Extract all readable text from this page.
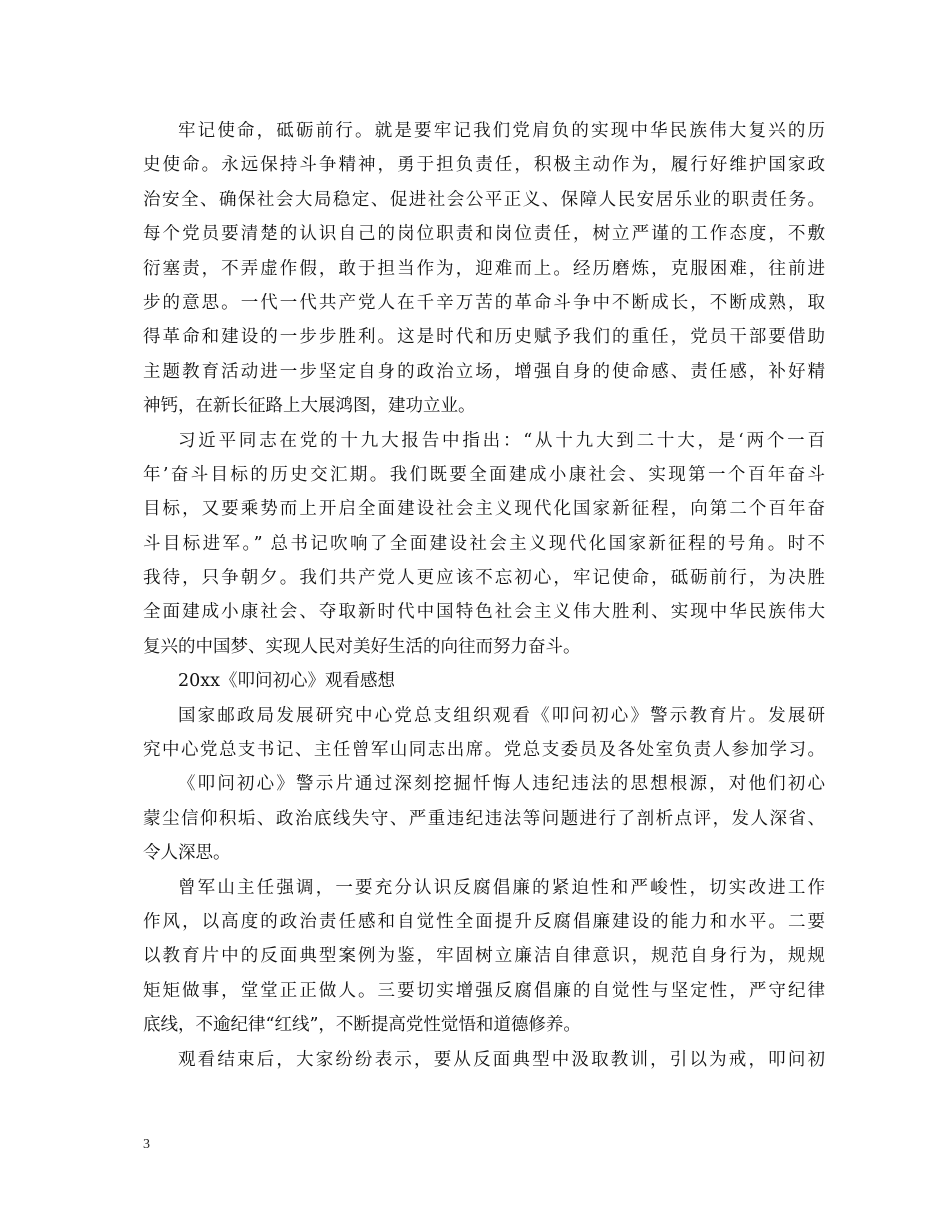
牢记使命，砥砺前行。就是要牢记我们党肩负的实现中华民族伟大复兴的历
史使命。永远保持斗争精神，勇于担负责任，积极主动作为，履行好维护国家政
治安全、确保社会大局稳定、促进社会公平正义、保障人民安居乐业的职责任务。
每个党员要清楚的认识自己的岗位职责和岗位责任，树立严谨的工作态度，不敷
衍塞责，不弄虚作假，敢于担当作为，迎难而上。经历磨炼，克服困难，往前进
步的意思。一代一代共产党人在千辛万苦的革命斗争中不断成长，不断成熟，取
得革命和建设的一步步胜利。这是时代和历史赋予我们的重任，党员干部要借助
主题教育活动进一步坚定自身的政治立场，增强自身的使命感、责任感，补好精
神钙，在新长征路上大展鸿图，建功立业。
习近平同志在党的十九大报告中指出：“从十九大到二十大，是‘两个一百
年’奋斗目标的历史交汇期。我们既要全面建成小康社会、实现第一个百年奋斗
目标，又要乘势而上开启全面建设社会主义现代化国家新征程，向第二个百年奋
斗目标进军。” 总书记吹响了全面建设社会主义现代化国家新征程的号角。时不
我待，只争朝夕。我们共产党人更应该不忘初心，牢记使命，砥砺前行，为决胜
全面建成小康社会、夺取新时代中国特色社会主义伟大胜利、实现中华民族伟大
复兴的中国梦、实现人民对美好生活的向往而努力奋斗。
20xx《叩问初心》观看感想
国家邮政局发展研究中心党总支组织观看《叩问初心》警示教育片。发展研
究中心党总支书记、主任曾军山同志出席。党总支委员及各处室负责人参加学习。
《叩问初心》警示片通过深刻挖掘忏悔人违纪违法的思想根源，对他们初心
蒙尘信仰积垢、政治底线失守、严重违纪违法等问题进行了剖析点评，发人深省、
令人深思。
曾军山主任强调，一要充分认识反腐倡廉的紧迫性和严峻性，切实改进工作
作风，以高度的政治责任感和自觉性全面提升反腐倡廉建设的能力和水平。二要
以教育片中的反面典型案例为鉴，牢固树立廉洁自律意识，规范自身行为，规规
矩矩做事，堂堂正正做人。三要切实增强反腐倡廉的自觉性与坚定性，严守纪律
底线，不逾纪律“红线”，不断提高党性觉悟和道德修养。
观看结束后，大家纷纷表示，要从反面典型中汲取教训，引以为戒，叩问初
3
